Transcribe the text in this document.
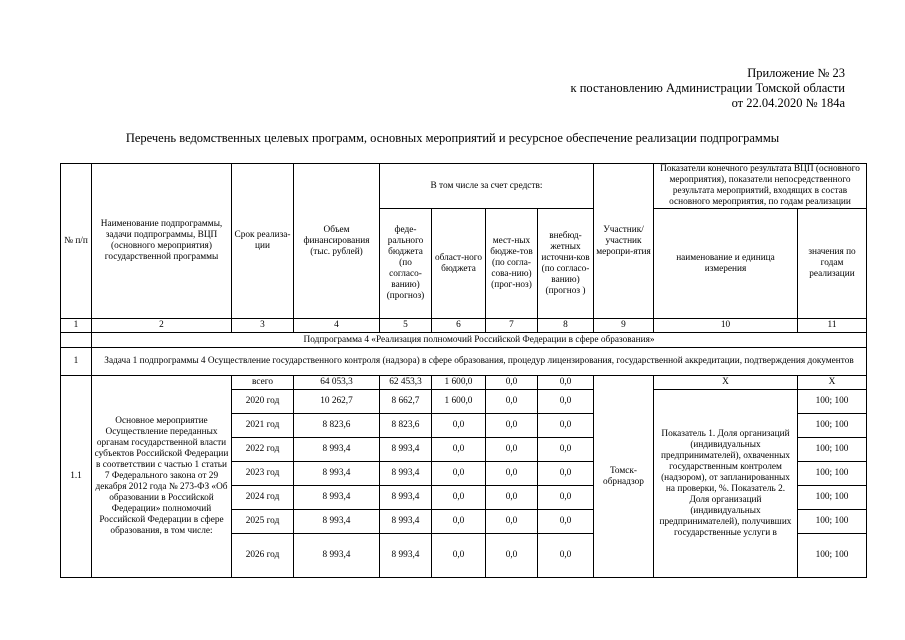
Приложение № 23
к постановлению Администрации Томской области
от 22.04.2020 № 184а
Перечень ведомственных целевых программ, основных мероприятий и ресурсное обеспечение реализации подпрограммы
№ п/п	Наименование подпрограммы, задачи подпрограммы, ВЦП (основного мероприятия) государственной программы	Срок реализа-ции	Объем финансирования (тыс. рублей)	В том числе за счет средств:				Участник/ участник меропри-ятия	Показатели конечного результата ВЦП (основного мероприятия), показатели непосредственного результата мероприятий, входящих в состав основного мероприятия, по годам реализации	
				феде-рального бюджета (по согласо-ванию) (прогноз)	област-ного бюджета	мест-ных бюдже-тов (по согла-сова-нию) (прог-ноз)	внебюд-жетных источни-ков (по согласо-ванию) (прогноз )		наименование и единица измерения	значения по годам реализации
1	2	3	4	5	6	7	8	9	10	11
	Подпрограмма 4 «Реализация полномочий Российской Федерации в сфере образования»									
1	Задача 1 подпрограммы 4 Осуществление государственного контроля (надзора) в сфере образования, процедур лицензирования, государственной аккредитации, подтверждения документов									
1.1	Основное мероприятие Осуществление переданных органам государственной власти субъектов Российской Федерации в соответствии с частью 1 статьи 7 Федерального закона от 29 декабря 2012 года № 273-ФЗ «Об образовании в Российской Федерации» полномочий Российской Федерации в сфере образования, в том числе:	всего	64 053,3	62 453,3	1 600,0	0,0	0,0	Томск-обрнадзор	X	X
		2020 год	10 262,7	8 662,7	1 600,0	0,0	0,0		Показатель 1. Доля организаций (индивидуальных предпринимателей), охваченных государственным контролем (надзором), от запланированных на проверки, %. Показатель 2. Доля организаций (индивидуальных предпринимателей), получивших государственные услуги в	100; 100
		2021 год	8 823,6	8 823,6	0,0	0,0	0,0			100; 100
		2022 год	8 993,4	8 993,4	0,0	0,0	0,0			100; 100
		2023 год	8 993,4	8 993,4	0,0	0,0	0,0			100; 100
		2024 год	8 993,4	8 993,4	0,0	0,0	0,0			100; 100
		2025 год	8 993,4	8 993,4	0,0	0,0	0,0			100; 100
		2026 год	8 993,4	8 993,4	0,0	0,0	0,0			100; 100
